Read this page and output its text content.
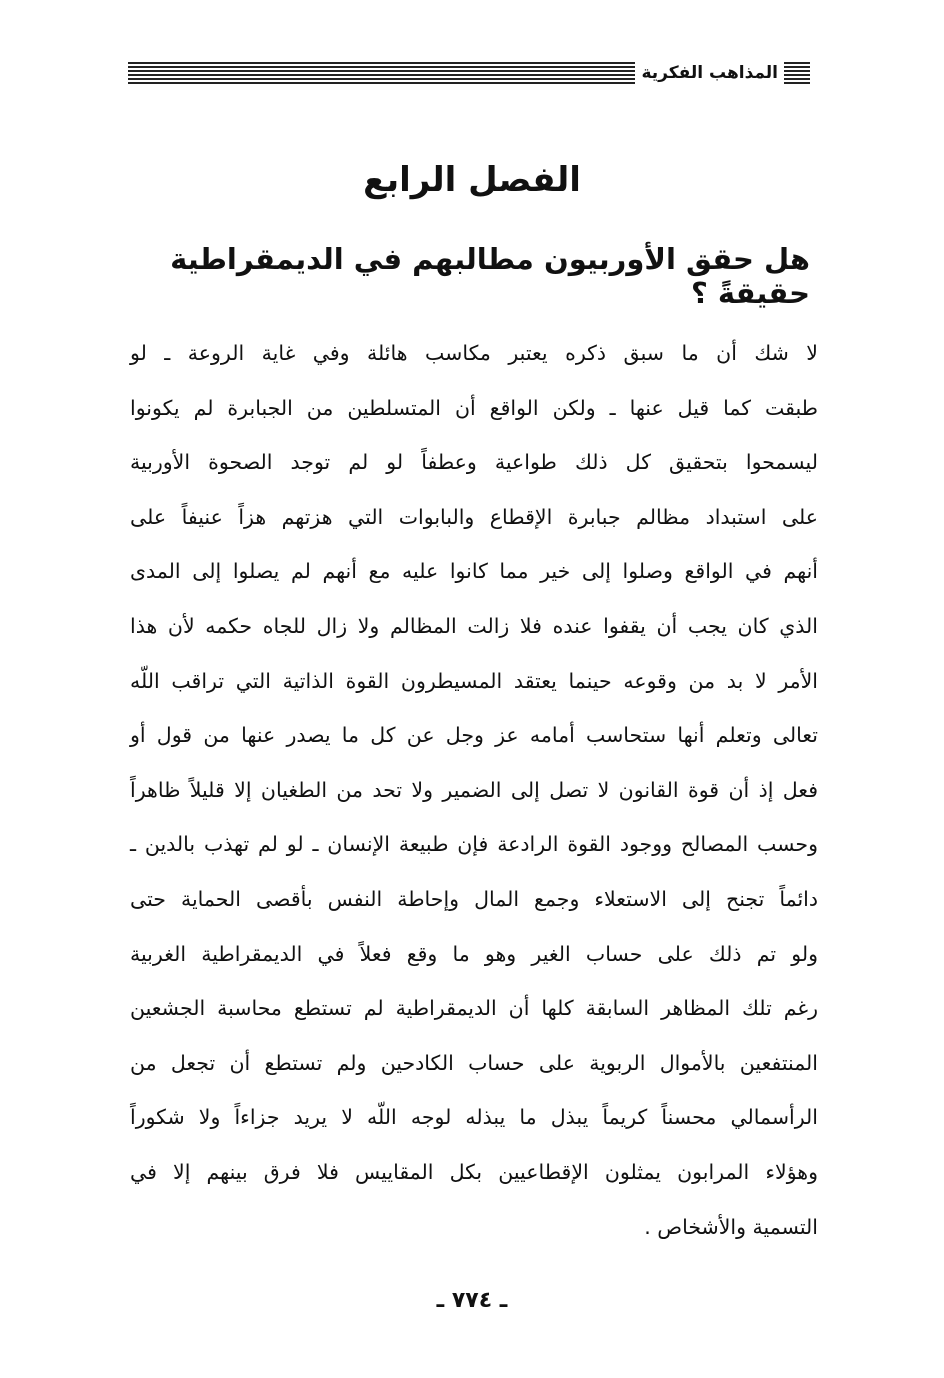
المذاهب الفكرية
الفصل الرابع
هل حقق الأوربيون مطالبهم في الديمقراطية حقيقةً ؟
لا شك أن ما سبق ذكره يعتبر مكاسب هائلة وفي غاية الروعة ـ لو
طبقت كما قيل عنها ـ ولكن الواقع أن المتسلطين من الجبابرة لم يكونوا
ليسمحوا بتحقيق كل ذلك طواعية وعطفاً لو لم توجد الصحوة الأوربية
على استبداد مظالم جبابرة الإقطاع والبابوات التي هزتهم هزاً عنيفاً على
أنهم في الواقع وصلوا إلى خير مما كانوا عليه مع أنهم لم يصلوا إلى المدى
الذي كان يجب أن يقفوا عنده فلا زالت المظالم ولا زال للجاه حكمه لأن هذا
الأمر لا بد من وقوعه حينما يعتقد المسيطرون القوة الذاتية التي تراقب اللّه
تعالى وتعلم أنها ستحاسب أمامه عز وجل عن كل ما يصدر عنها من قول أو
فعل إذ أن قوة القانون لا تصل إلى الضمير ولا تحد من الطغيان إلا قليلاً ظاهراً
وحسب المصالح ووجود القوة الرادعة فإن طبيعة الإنسان ـ لو لم تهذب بالدين ـ
دائماً تجنح إلى الاستعلاء وجمع المال وإحاطة النفس بأقصى الحماية حتى
ولو تم ذلك على حساب الغير وهو ما وقع فعلاً في الديمقراطية الغربية
رغم تلك المظاهر السابقة كلها أن الديمقراطية لم تستطع محاسبة الجشعين
المنتفعين بالأموال الربوية على حساب الكادحين ولم تستطع أن تجعل من
الرأسمالي محسناً كريماً يبذل ما يبذله لوجه اللّه لا يريد جزاءاً ولا شكوراً
وهؤلاء المرابون يمثلون الإقطاعيين بكل المقاييس فلا فرق بينهم إلا في
التسمية والأشخاص .
ـ ٧٧٤ ـ
